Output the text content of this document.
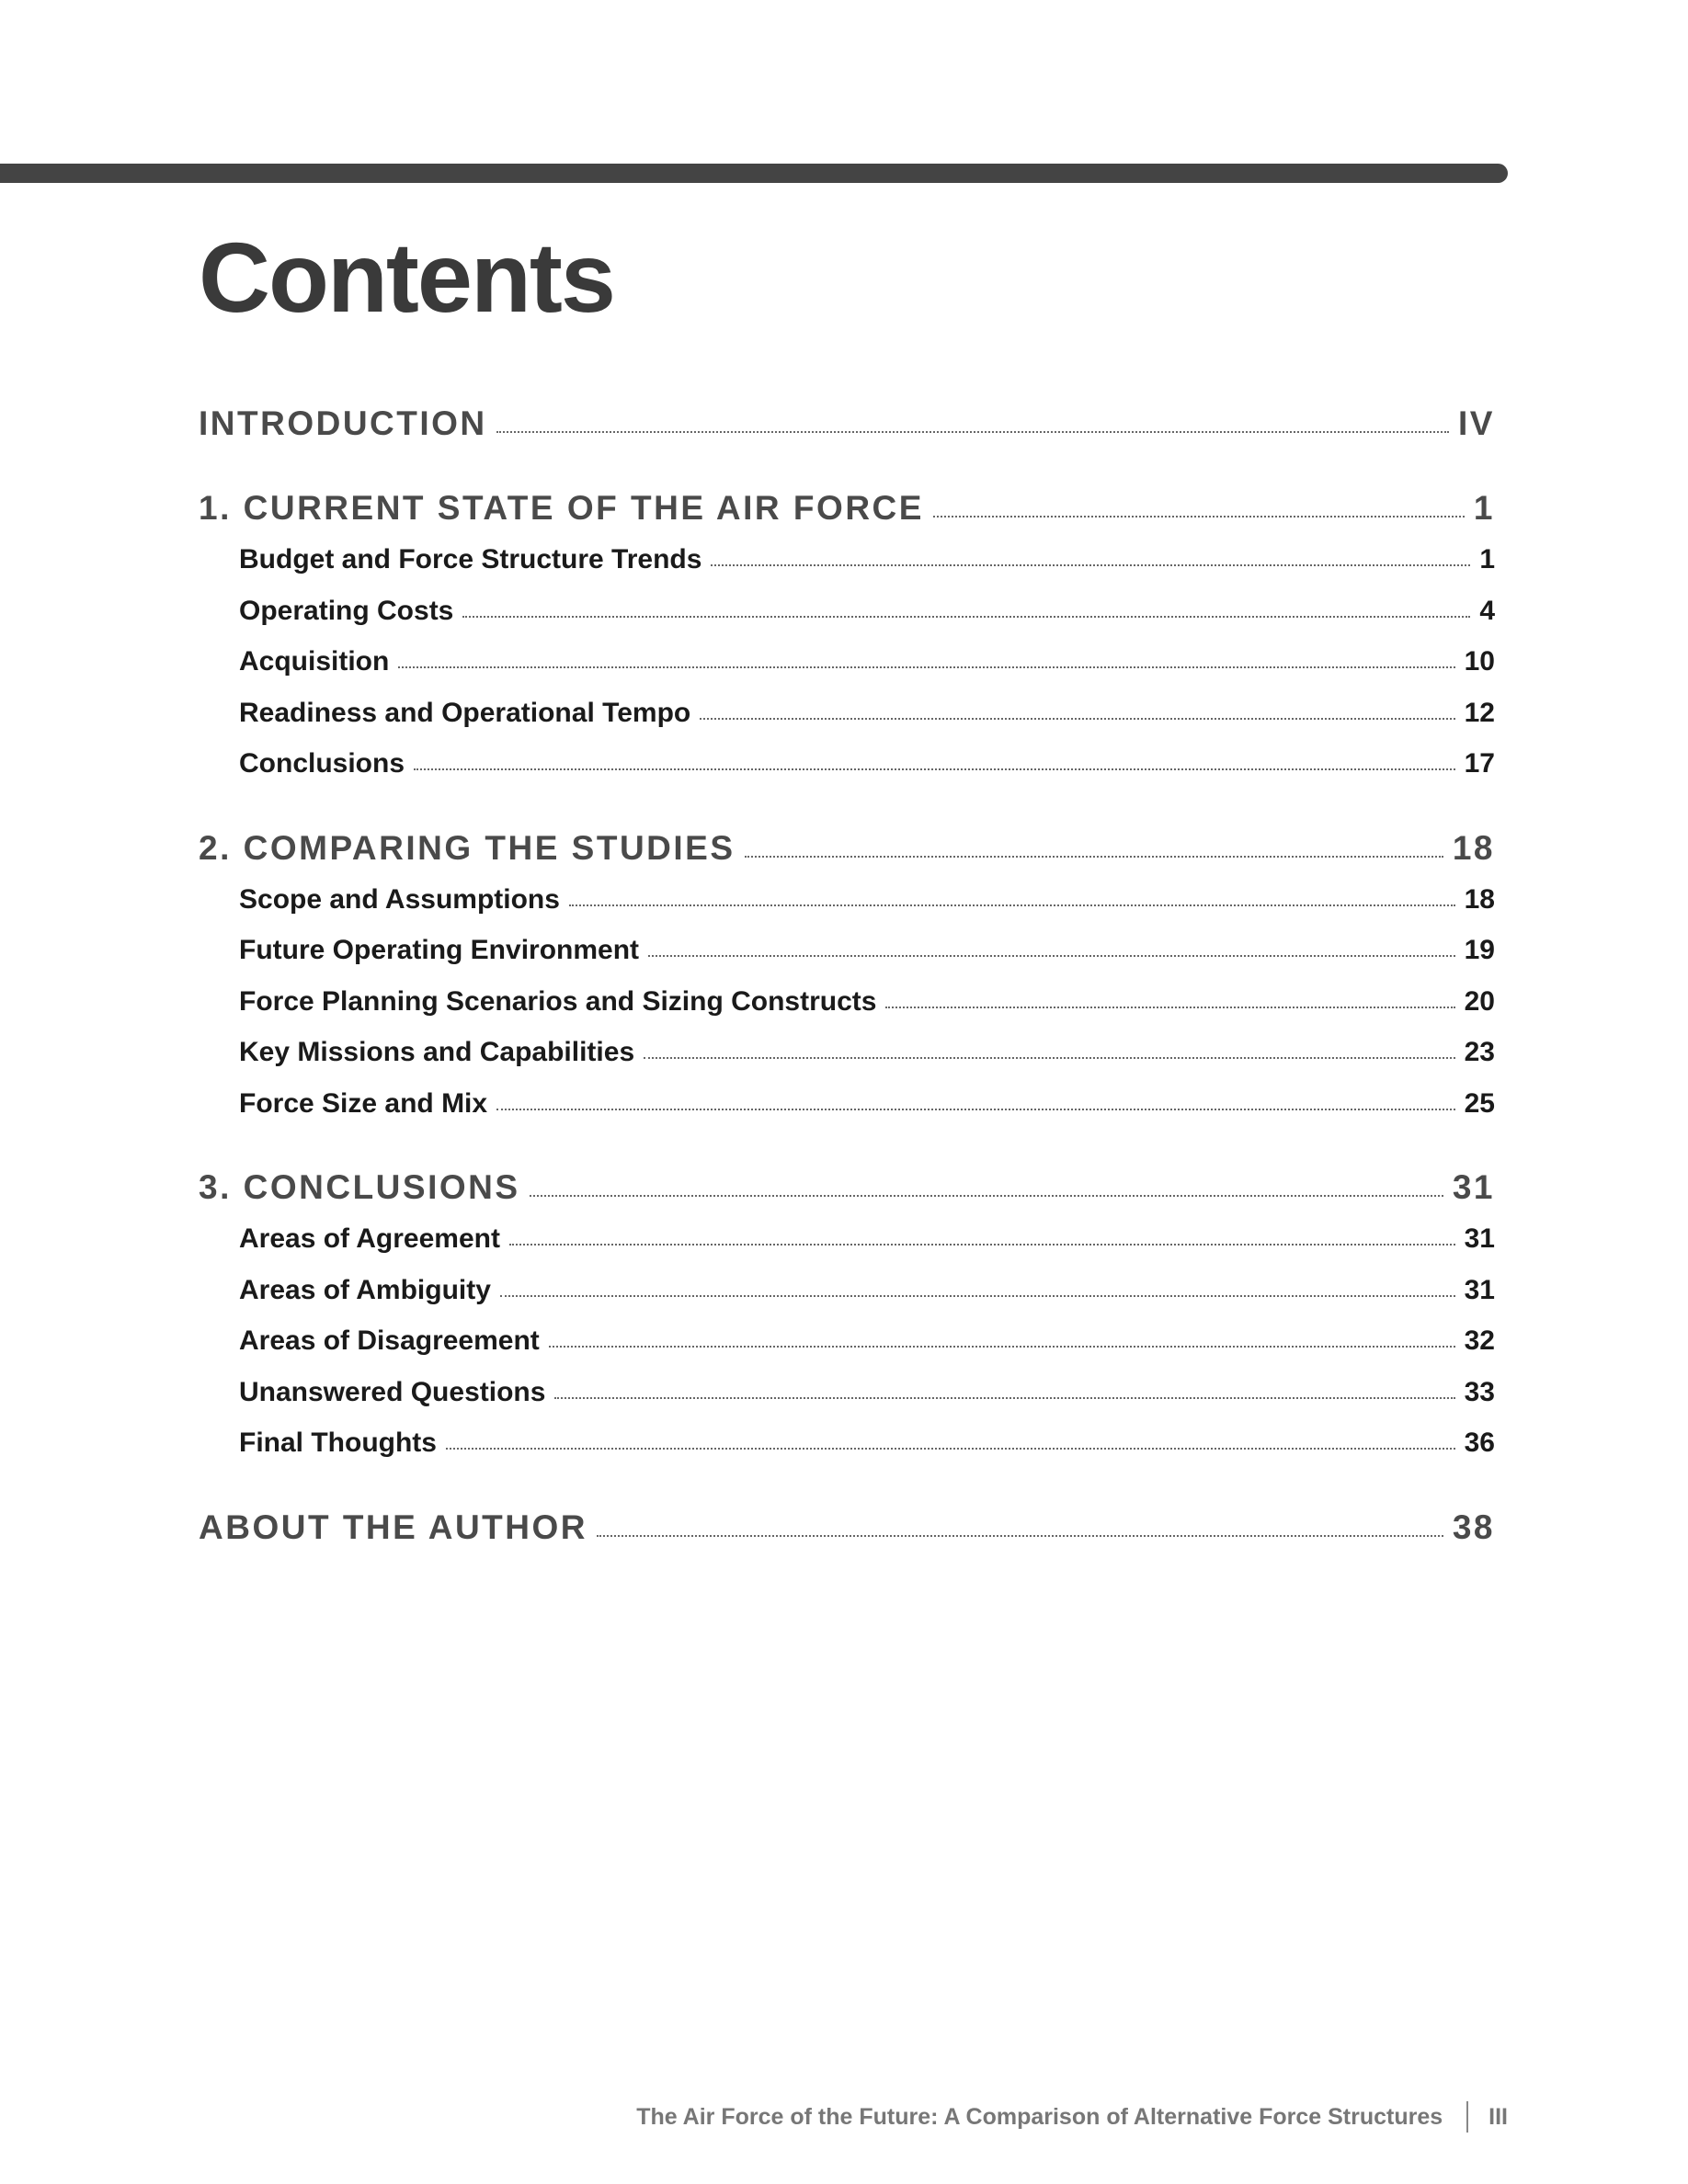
Contents
INTRODUCTION	IV
1. CURRENT STATE OF THE AIR FORCE	1
Budget and Force Structure Trends	1
Operating Costs	4
Acquisition	10
Readiness and Operational Tempo	12
Conclusions	17
2. COMPARING THE STUDIES	18
Scope and Assumptions	18
Future Operating Environment	19
Force Planning Scenarios and Sizing Constructs	20
Key Missions and Capabilities	23
Force Size and Mix	25
3. CONCLUSIONS	31
Areas of Agreement	31
Areas of Ambiguity	31
Areas of Disagreement	32
Unanswered Questions	33
Final Thoughts	36
ABOUT THE AUTHOR	38
The Air Force of the Future: A Comparison of Alternative Force Structures III
